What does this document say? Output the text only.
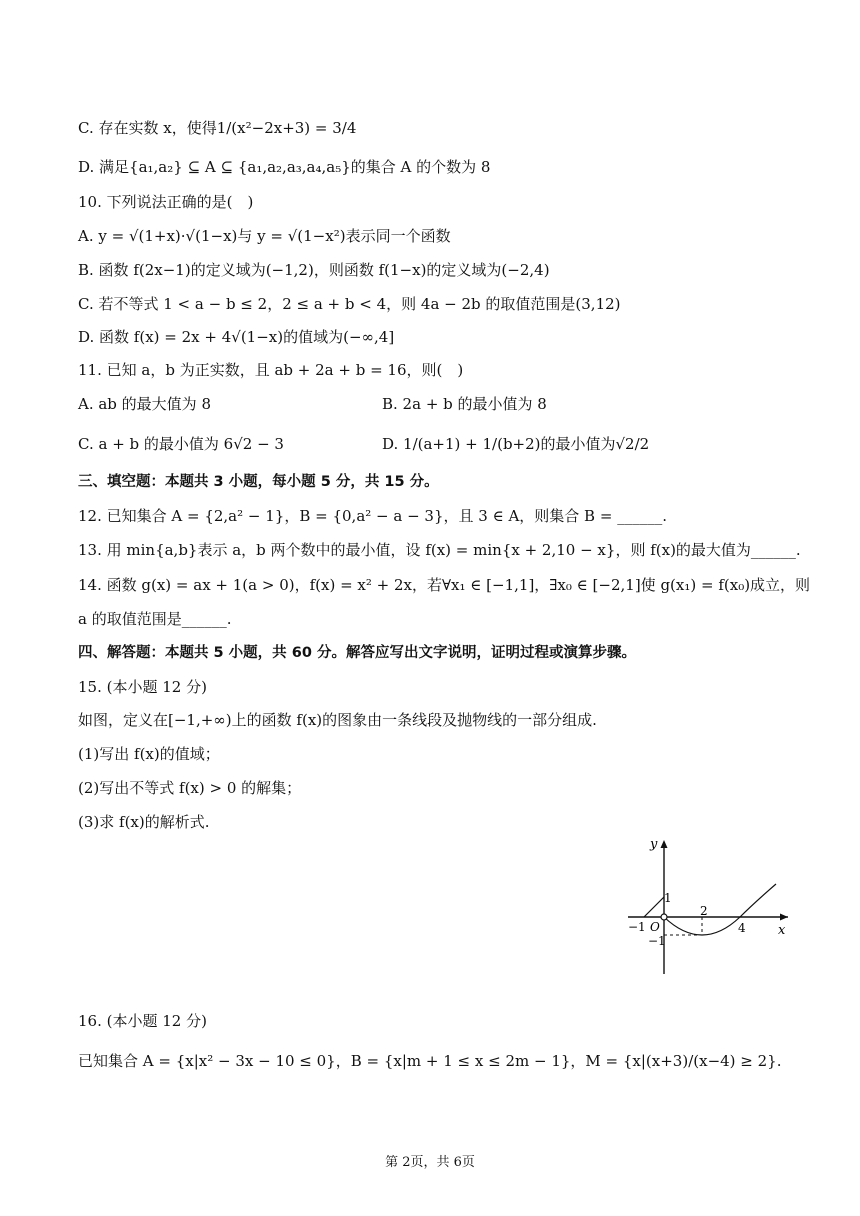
C. 存在实数 x，使得1/(x²−2x+3) = 3/4
D. 满足{a₁,a₂} ⊆ A ⊆ {a₁,a₂,a₃,a₄,a₅}的集合 A 的个数为 8
10. 下列说法正确的是(　)
A. y = √(1+x)·√(1−x)与 y = √(1−x²)表示同一个函数
B. 函数 f(2x−1)的定义域为(−1,2)，则函数 f(1−x)的定义域为(−2,4)
C. 若不等式 1 < a − b ≤ 2，2 ≤ a + b < 4，则 4a − 2b 的取值范围是(3,12)
D. 函数 f(x) = 2x + 4√(1−x)的值域为(−∞,4]
11. 已知 a，b 为正实数，且 ab + 2a + b = 16，则(　)
A. ab 的最大值为 8	B. 2a + b 的最小值为 8
C. a + b 的最小值为 6√2 − 3	D. 1/(a+1) + 1/(b+2)的最小值为√2/2
三、填空题：本题共 3 小题，每小题 5 分，共 15 分。
12. 已知集合 A = {2,a² − 1}，B = {0,a² − a − 3}，且 3 ∈ A，则集合 B = ______.
13. 用 min{a,b}表示 a，b 两个数中的最小值，设 f(x) = min{x + 2,10 − x}，则 f(x)的最大值为______.
14. 函数 g(x) = ax + 1(a > 0)，f(x) = x² + 2x，若∀x₁ ∈ [−1,1]，∃x₀ ∈ [−2,1]使 g(x₁) = f(x₀)成立，则
a 的取值范围是______.
四、解答题：本题共 5 小题，共 60 分。解答应写出文字说明，证明过程或演算步骤。
15. (本小题 12 分)
如图，定义在[−1,+∞)上的函数 f(x)的图象由一条线段及抛物线的一部分组成.
(1)写出 f(x)的值域；
(2)写出不等式 f(x) > 0 的解集；
(3)求 f(x)的解析式.
y
x
O
1
−1
−1
2
4
16. (本小题 12 分)
已知集合 A = {x|x² − 3x − 10 ≤ 0}，B = {x|m + 1 ≤ x ≤ 2m − 1}，M = {x|(x+3)/(x−4) ≥ 2}.
第 2页，共 6页
